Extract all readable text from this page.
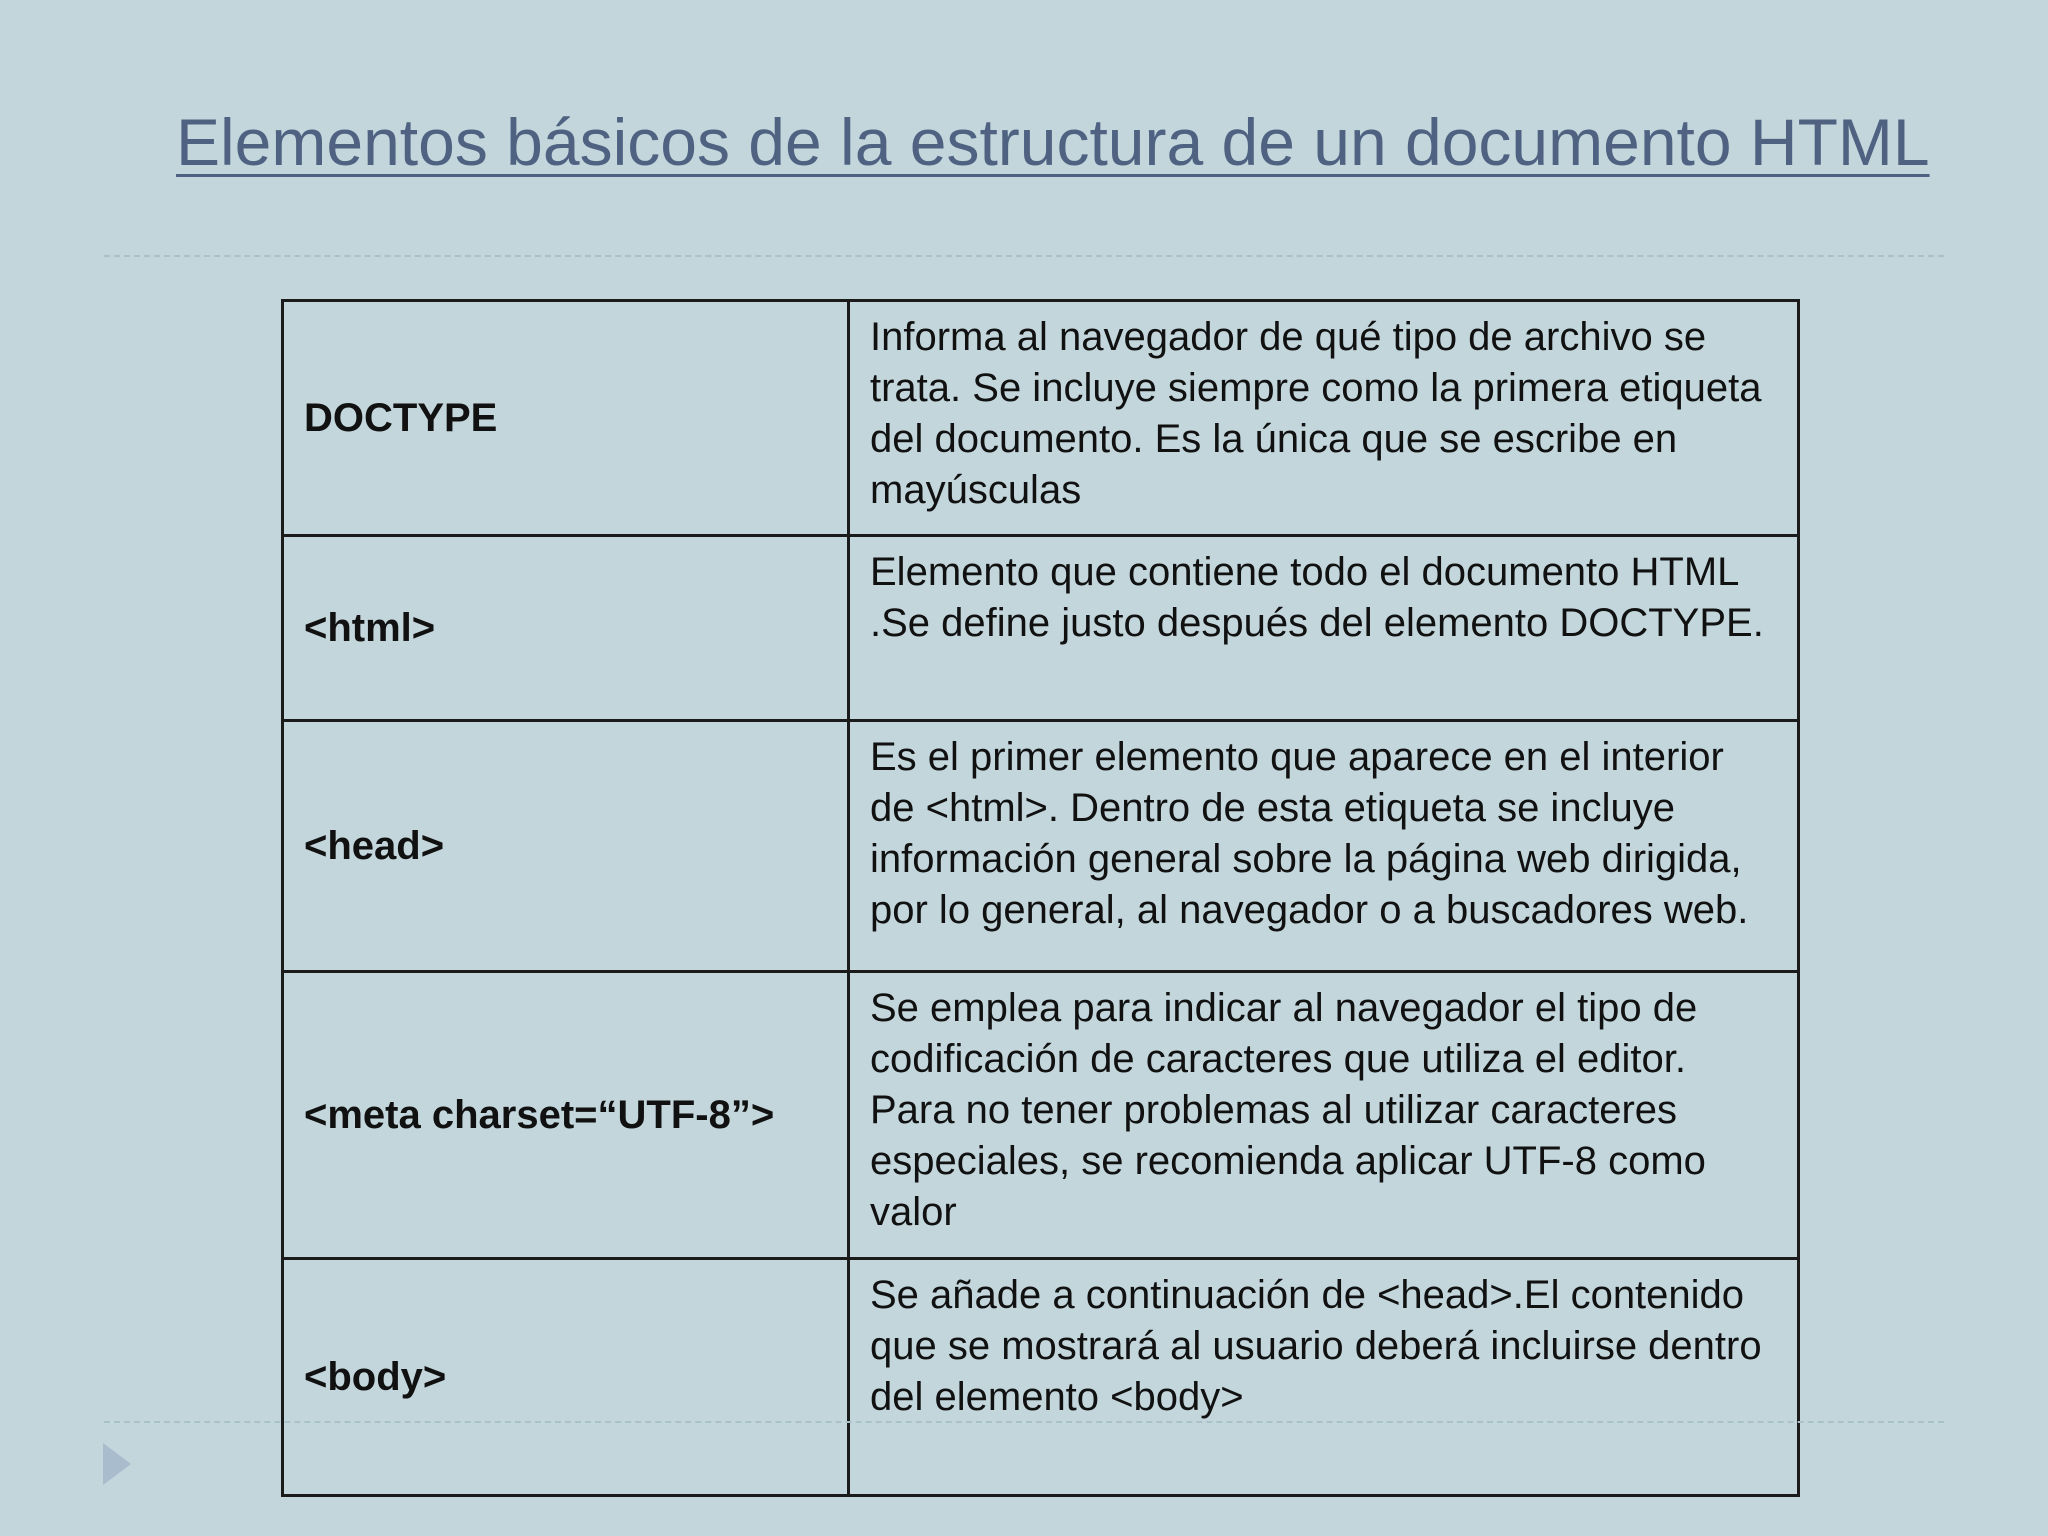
Elementos básicos de la estructura de un documento HTML
DOCTYPE	Informa al navegador de qué tipo de archivo se trata. Se incluye siempre como la primera etiqueta del documento. Es la única que se escribe en mayúsculas
<html>	Elemento que contiene todo el documento HTML .Se define justo después del elemento DOCTYPE.
<head>	Es el primer elemento que aparece en el interior de <html>. Dentro de esta etiqueta se incluye información general sobre la página web dirigida, por lo general, al navegador o a buscadores web.
<meta charset=“UTF-8”>	Se emplea para indicar al navegador el tipo de codificación de caracteres que utiliza el editor. Para no tener problemas al utilizar caracteres especiales, se recomienda aplicar UTF-8 como valor
<body>	Se añade a continuación de <head>.El contenido que se mostrará al usuario deberá incluirse dentro del elemento <body>
